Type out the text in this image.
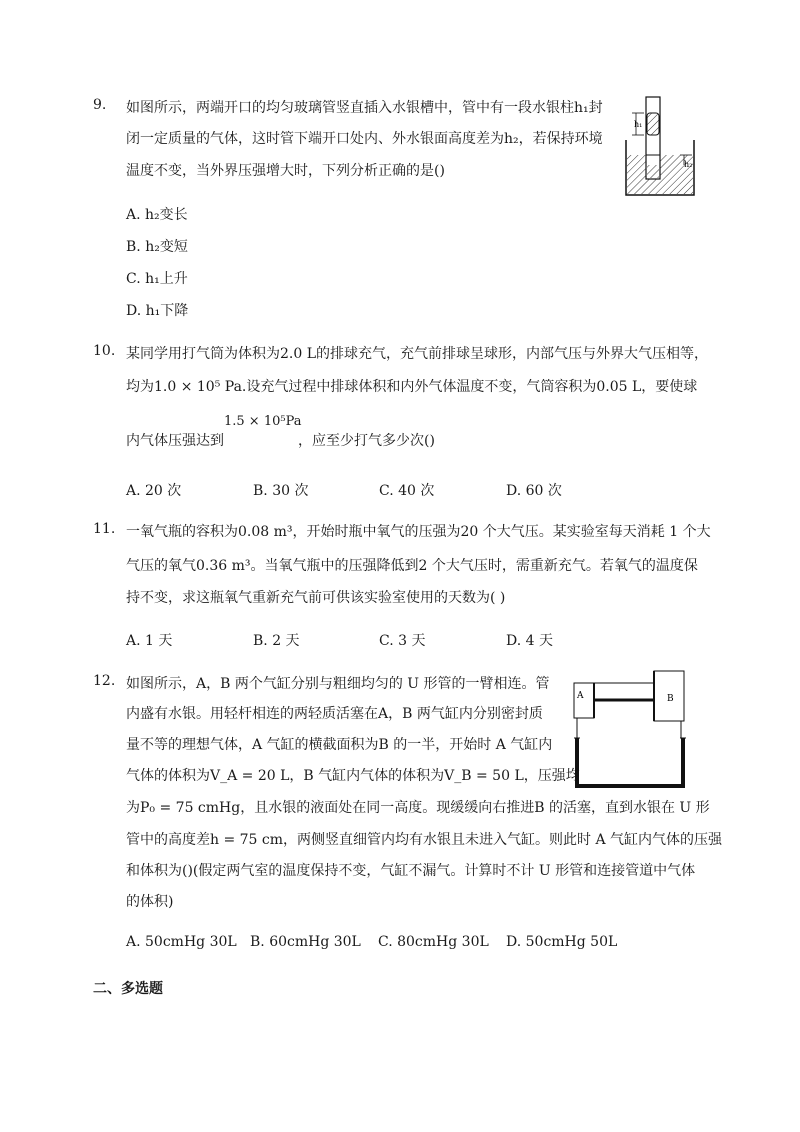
9. 如图所示，两端开口的均匀玻璃管竖直插入水银槽中，管中有一段水银柱h₁封
闭一定质量的气体，这时管下端开口处内、外水银面高度差为h₂，若保持环境
温度不变，当外界压强增大时，下列分析正确的是()
h₁
h₂
A. h₂变长
B. h₂变短
C. h₁上升
D. h₁下降
10. 某同学用打气筒为体积为2.0 L的排球充气，充气前排球呈球形，内部气压与外界大气压相等，
均为1.0 × 10⁵ Pa.设充气过程中排球体积和内外气体温度不变，气筒容积为0.05 L，要使球
内气体压强达到
1.5 × 10⁵Pa
，应至少打气多少次()
A. 20 次	B. 30 次	C. 40 次	D. 60 次
11. 一氧气瓶的容积为0.08 m³，开始时瓶中氧气的压强为20 个大气压。某实验室每天消耗 1 个大
气压的氧气0.36 m³。当氧气瓶中的压强降低到2 个大气压时，需重新充气。若氧气的温度保
持不变，求这瓶氧气重新充气前可供该实验室使用的天数为( )
A. 1 天	B. 2 天	C. 3 天	D. 4 天
12. 如图所示，A，B 两个气缸分别与粗细均匀的 U 形管的一臂相连。管
内盛有水银。用轻杆相连的两轻质活塞在A，B 两气缸内分别密封质
量不等的理想气体，A 气缸的横截面积为B 的一半，开始时 A 气缸内
气体的体积为V_A = 20 L，B 气缸内气体的体积为V_B = 50 L，压强均
为P₀ = 75 cmHg，且水银的液面处在同一高度。现缓缓向右推进B 的活塞，直到水银在 U 形
管中的高度差h = 75 cm，两侧竖直细管内均有水银且未进入气缸。则此时 A 气缸内气体的压强
和体积为()(假定两气室的温度保持不变，气缸不漏气。计算时不计 U 形管和连接管道中气体
的体积)
A	B
A. 50cmHg 30L B. 60cmHg 30L C. 80cmHg 30L D. 50cmHg 50L
二、多选题
